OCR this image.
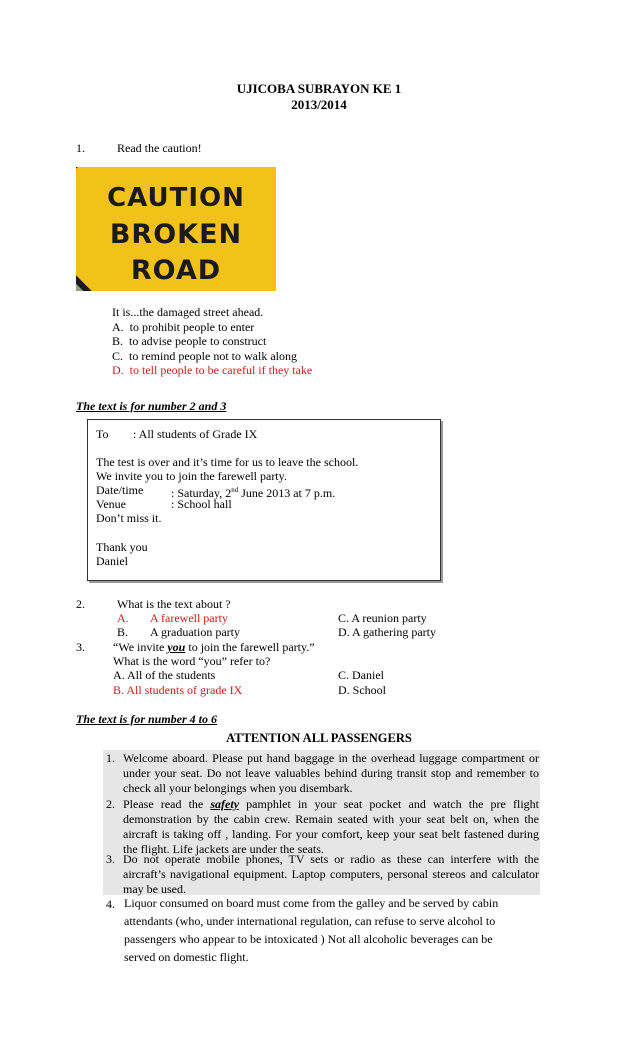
UJICOBA SUBRAYON KE 1
2013/2014
1.	Read the caution!
CAUTION
BROKEN
ROAD
It is...the damaged street ahead.
A. to prohibit people to enter
B. to advise people to construct
C. to remind people not to walk along
D. to tell people to be careful if they take
The text is for number 2 and 3
To : All students of Grade IX
The test is over and it’s time for us to leave the school.
We invite you to join the farewell party.
Date/time : Saturday, 2nd June 2013 at 7 p.m.
Venue	: School hall
Don’t miss it.
Thank you
Daniel
2.	What is the text about ?
A. A farewell party
B. A graduation party
C. A reunion party
D. A gathering party
3. “We invite you to join the farewell party.”
What is the word “you” refer to?
A. All of the students
B. All students of grade IX
C. Daniel
D. School
The text is for number 4 to 6
ATTENTION ALL PASSENGERS
1. Welcome aboard. Please put hand baggage in the overhead luggage compartment or under your seat. Do not leave valuables behind during transit stop and remember to check all your belongings when you disembark.
2. Please read the safety pamphlet in your seat pocket and watch the pre flight demonstration by the cabin crew. Remain seated with your seat belt on, when the aircraft is taking off , landing. For your comfort, keep your seat belt fastened during the flight. Life jackets are under the seats.
3. Do not operate mobile phones, TV sets or radio as these can interfere with the aircraft’s navigational equipment. Laptop computers, personal stereos and calculator may be used.
4. Liquor consumed on board must come from the galley and be served by cabin attendants (who, under international regulation, can refuse to serve alcohol to passengers who appear to be intoxicated ) Not all alcoholic beverages can be served on domestic flight.
